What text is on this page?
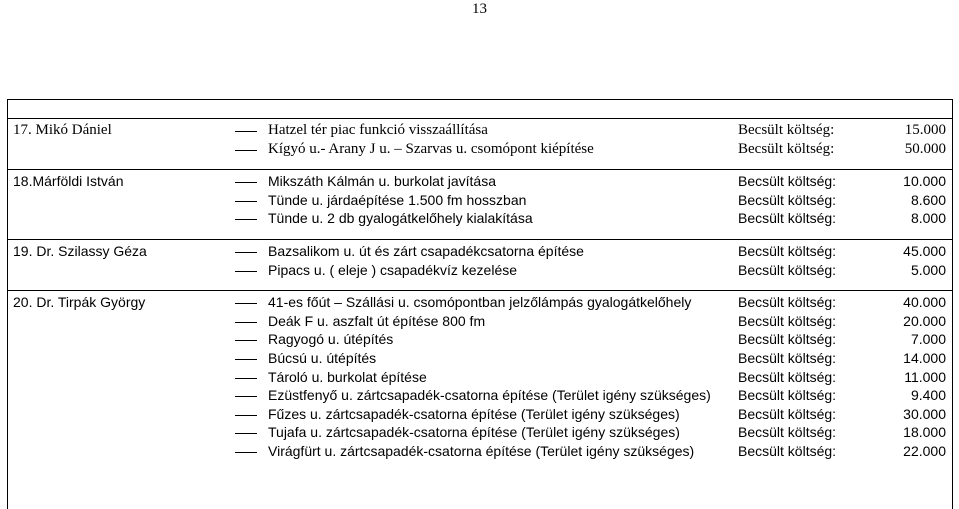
13
17. Mikó Dániel	Hatzel tér piac funkció visszaállítása	Becsült költség:	15.000
Kígyó u.- Arany J u. – Szarvas u. csomópont kiépítése	Becsült költség:	50.000
18.Márföldi István	Mikszáth Kálmán u. burkolat javítása	Becsült költség:	10.000
Tünde u. járdaépítése 1.500 fm hosszban	Becsült költség:	8.600
Tünde u. 2 db gyalogátkelőhely kialakítása	Becsült költség:	8.000
19. Dr. Szilassy Géza	Bazsalikom u. út és zárt csapadékcsatorna építése	Becsült költség:	45.000
Pipacs u. ( eleje ) csapadékvíz kezelése	Becsült költség:	5.000
20. Dr. Tirpák György	41-es főút – Szállási u. csomópontban jelzőlámpás gyalogátkelőhely	Becsült költség:	40.000
Deák F u. aszfalt út építése 800 fm	Becsült költség:	20.000
Ragyogó u. útépítés	Becsült költség:	7.000
Búcsú u. útépítés	Becsült költség:	14.000
Tároló u. burkolat építése	Becsült költség:	11.000
Ezüstfenyő u. zártcsapadék-csatorna építése (Terület igény szükséges) Becsült költség:	9.400
Fűzes u. zártcsapadék-csatorna építése (Terület igény szükséges)	Becsült költség:	30.000
Tujafa u. zártcsapadék-csatorna építése (Terület igény szükséges)	Becsült költség:	18.000
Virágfürt u. zártcsapadék-csatorna építése (Terület igény szükséges)	Becsült költség:	22.000
